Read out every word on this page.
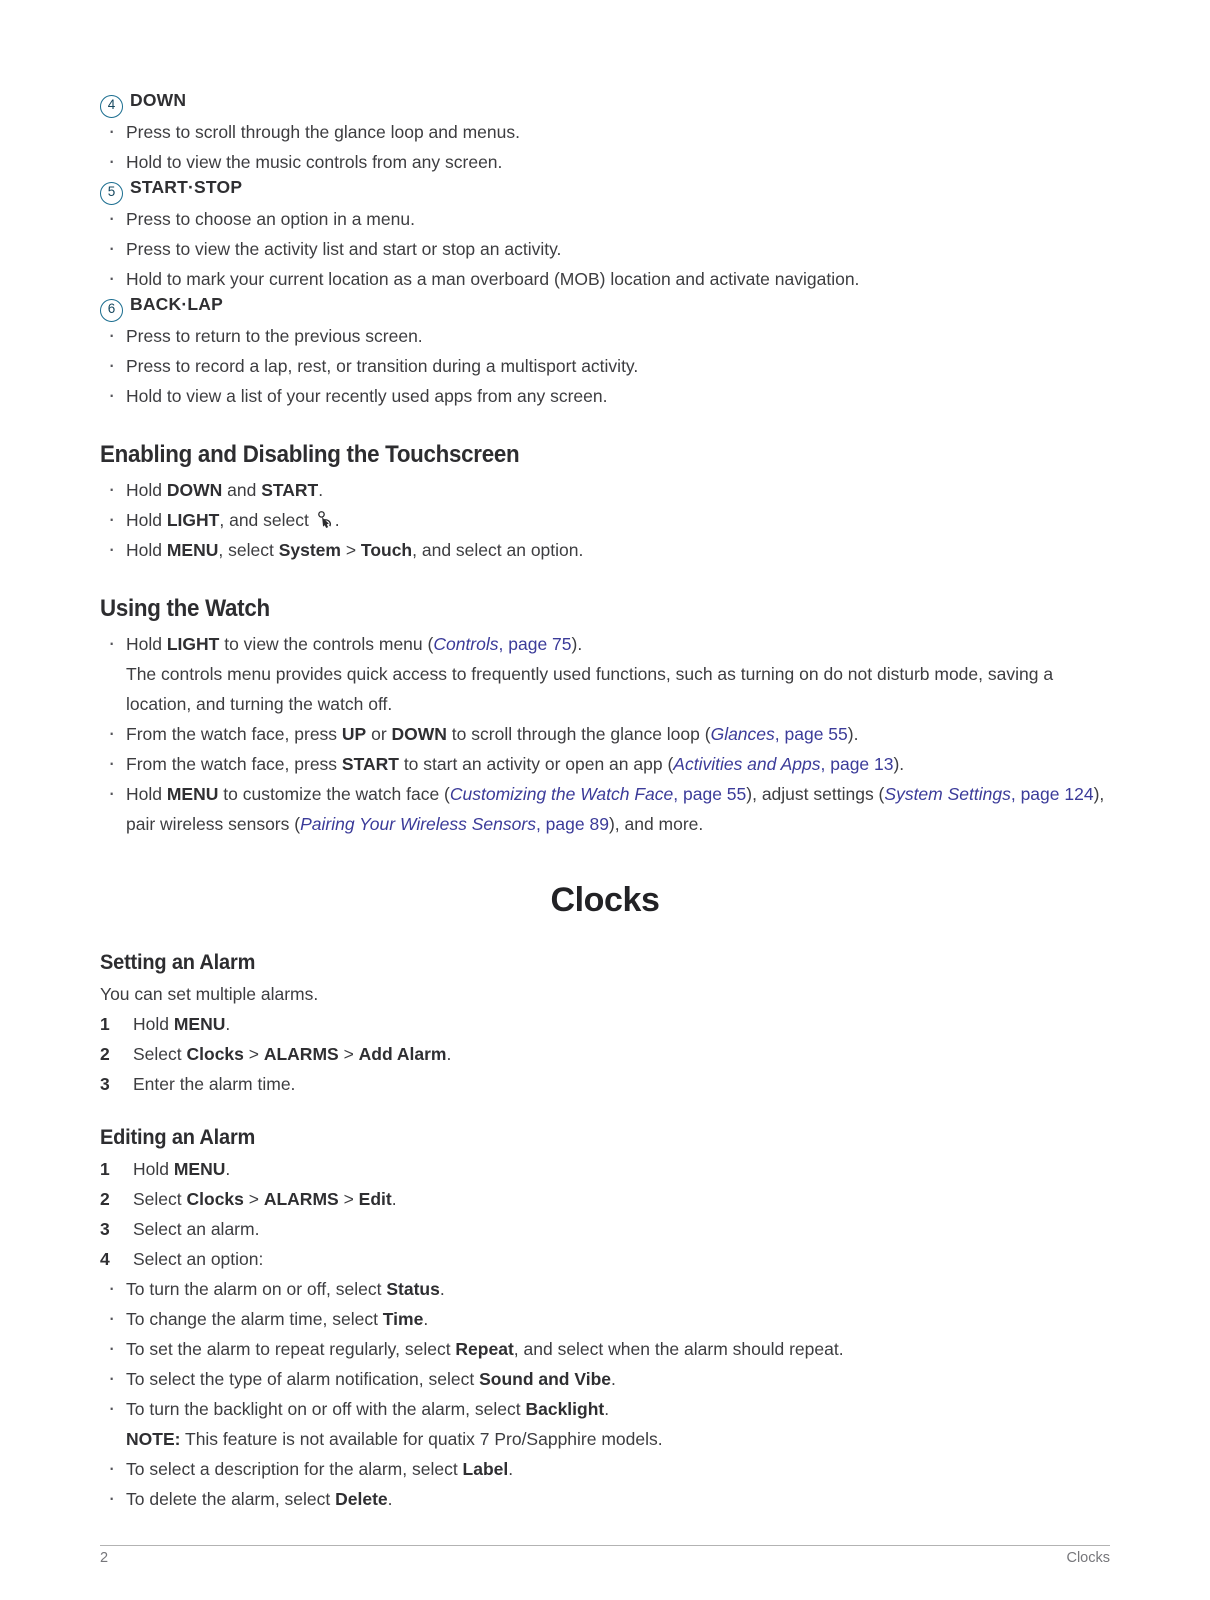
4 DOWN
· Press to scroll through the glance loop and menus.
· Hold to view the music controls from any screen.
5 START·STOP
· Press to choose an option in a menu.
· Press to view the activity list and start or stop an activity.
· Hold to mark your current location as a man overboard (MOB) location and activate navigation.
6 BACK·LAP
· Press to return to the previous screen.
· Press to record a lap, rest, or transition during a multisport activity.
· Hold to view a list of your recently used apps from any screen.
Enabling and Disabling the Touchscreen
· Hold DOWN and START.
· Hold LIGHT, and select .
· Hold MENU, select System > Touch, and select an option.
Using the Watch
· Hold LIGHT to view the controls menu (Controls, page 75).
The controls menu provides quick access to frequently used functions, such as turning on do not disturb mode, saving a location, and turning the watch off.
· From the watch face, press UP or DOWN to scroll through the glance loop (Glances, page 55).
· From the watch face, press START to start an activity or open an app (Activities and Apps, page 13).
· Hold MENU to customize the watch face (Customizing the Watch Face, page 55), adjust settings (System Settings, page 124), pair wireless sensors (Pairing Your Wireless Sensors, page 89), and more.
Clocks
Setting an Alarm
You can set multiple alarms.
1 Hold MENU.
2 Select Clocks > ALARMS > Add Alarm.
3 Enter the alarm time.
Editing an Alarm
1 Hold MENU.
2 Select Clocks > ALARMS > Edit.
3 Select an alarm.
4 Select an option:
· To turn the alarm on or off, select Status.
· To change the alarm time, select Time.
· To set the alarm to repeat regularly, select Repeat, and select when the alarm should repeat.
· To select the type of alarm notification, select Sound and Vibe.
· To turn the backlight on or off with the alarm, select Backlight.
NOTE: This feature is not available for quatix 7 Pro/Sapphire models.
· To select a description for the alarm, select Label.
· To delete the alarm, select Delete.
2	Clocks
